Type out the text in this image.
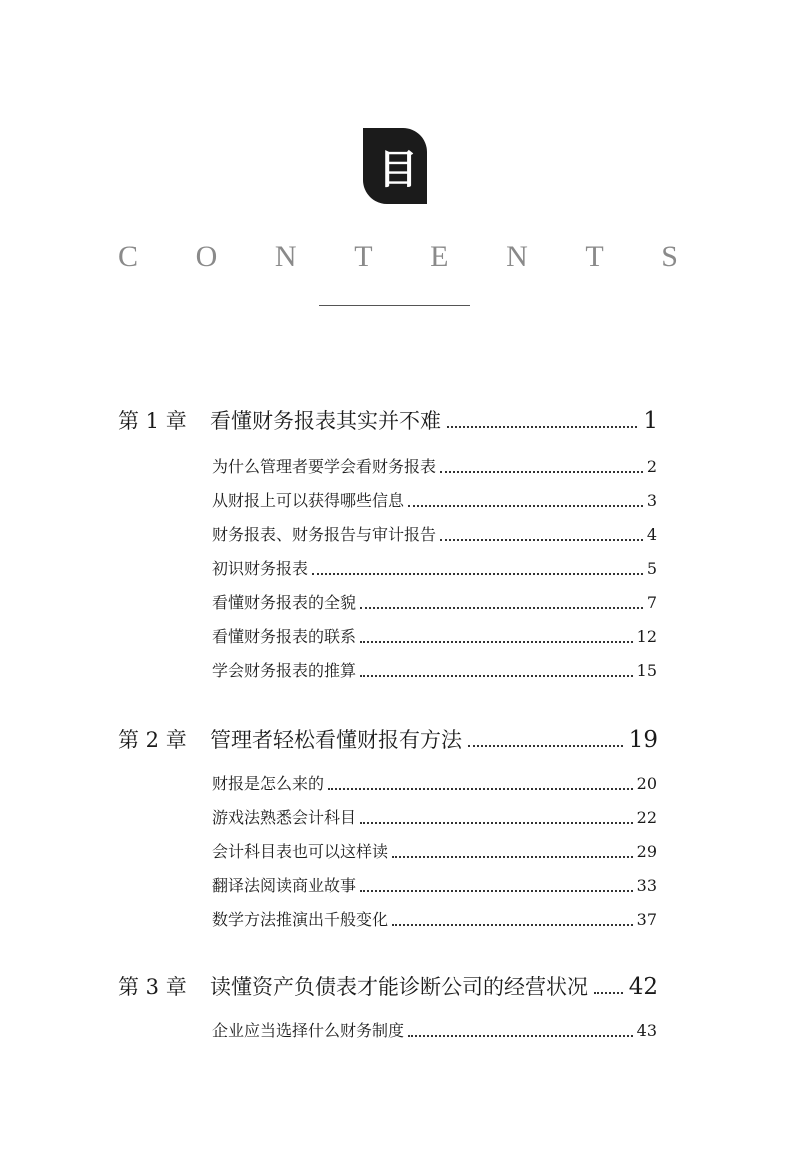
目录
C O N T E N T S
第 1 章	看懂财务报表其实并不难	1
为什么管理者要学会看财务报表	2
从财报上可以获得哪些信息	3
财务报表、财务报告与审计报告	4
初识财务报表	5
看懂财务报表的全貌	7
看懂财务报表的联系	12
学会财务报表的推算	15
第 2 章	管理者轻松看懂财报有方法	19
财报是怎么来的	20
游戏法熟悉会计科目	22
会计科目表也可以这样读	29
翻译法阅读商业故事	33
数学方法推演出千般变化	37
第 3 章	读懂资产负债表才能诊断公司的经营状况 42
企业应当选择什么财务制度	43
